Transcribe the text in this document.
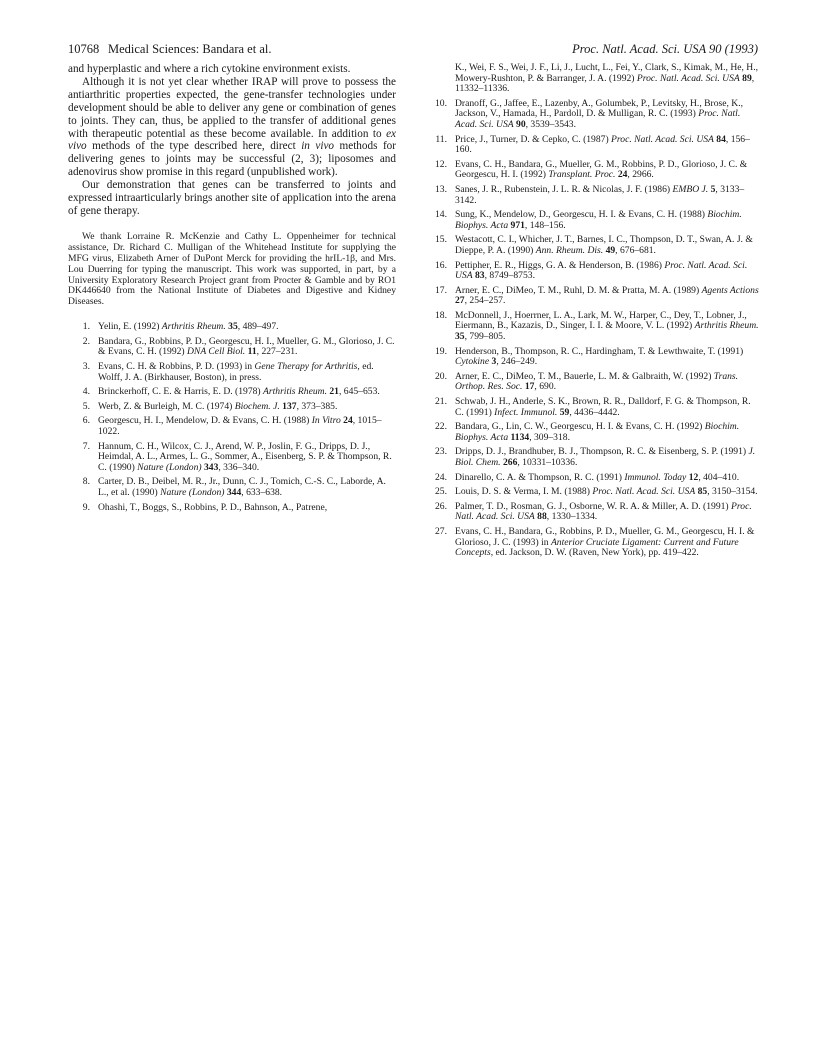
10768 Medical Sciences: Bandara et al.	Proc. Natl. Acad. Sci. USA 90 (1993)

and hyperplastic and where a rich cytokine environment exists.

Although it is not yet clear whether IRAP will prove to possess the antiarthritic properties expected, the gene-transfer technologies under development should be able to deliver any gene or combination of genes to joints. They can, thus, be applied to the transfer of additional genes with therapeutic potential as these become available. In addition to ex vivo methods of the type described here, direct in vivo methods for delivering genes to joints may be successful (2, 3); liposomes and adenovirus show promise in this regard (unpublished work).

Our demonstration that genes can be transferred to joints and expressed intraarticularly brings another site of application into the arena of gene therapy.

We thank Lorraine R. McKenzie and Cathy L. Oppenheimer for technical assistance, Dr. Richard C. Mulligan of the Whitehead Institute for supplying the MFG virus, Elizabeth Arner of DuPont Merck for providing the hrIL-1β, and Mrs. Lou Duerring for typing the manuscript. This work was supported, in part, by a University Exploratory Research Project grant from Procter & Gamble and by RO1 DK446640 from the National Institute of Diabetes and Digestive and Kidney Diseases.
1. Yelin, E. (1992) Arthritis Rheum. 35, 489–497.
2. Bandara, G., Robbins, P. D., Georgescu, H. I., Mueller, G. M., Glorioso, J. C. & Evans, C. H. (1992) DNA Cell Biol. 11, 227–231.
3. Evans, C. H. & Robbins, P. D. (1993) in Gene Therapy for Arthritis, ed. Wolff, J. A. (Birkhauser, Boston), in press.
4. Brinckerhoff, C. E. & Harris, E. D. (1978) Arthritis Rheum. 21, 645–653.
5. Werb, Z. & Burleigh, M. C. (1974) Biochem. J. 137, 373–385.
6. Georgescu, H. I., Mendelow, D. & Evans, C. H. (1988) In Vitro 24, 1015–1022.
7. Hannum, C. H., Wilcox, C. J., Arend, W. P., Joslin, F. G., Dripps, D. J., Heimdal, A. L., Armes, L. G., Sommer, A., Eisenberg, S. P. & Thompson, R. C. (1990) Nature (London) 343, 336–340.
8. Carter, D. B., Deibel, M. R., Jr., Dunn, C. J., Tomich, C.-S. C., Laborde, A. L., et al. (1990) Nature (London) 344, 633–638.
9. Ohashi, T., Boggs, S., Robbins, P. D., Bahnson, A., Patrene,
K., Wei, F. S., Wei, J. F., Li, J., Lucht, L., Fei, Y., Clark, S., Kimak, M., He, H., Mowery-Rushton, P. & Barranger, J. A. (1992) Proc. Natl. Acad. Sci. USA 89, 11332–11336.
10. Dranoff, G., Jaffee, E., Lazenby, A., Golumbek, P., Levitsky, H., Brose, K., Jackson, V., Hamada, H., Pardoll, D. & Mulligan, R. C. (1993) Proc. Natl. Acad. Sci. USA 90, 3539–3543.
11. Price, J., Turner, D. & Cepko, C. (1987) Proc. Natl. Acad. Sci. USA 84, 156–160.
12. Evans, C. H., Bandara, G., Mueller, G. M., Robbins, P. D., Glorioso, J. C. & Georgescu, H. I. (1992) Transplant. Proc. 24, 2966.
13. Sanes, J. R., Rubenstein, J. L. R. & Nicolas, J. F. (1986) EMBO J. 5, 3133–3142.
14. Sung, K., Mendelow, D., Georgescu, H. I. & Evans, C. H. (1988) Biochim. Biophys. Acta 971, 148–156.
15. Westacott, C. I., Whicher, J. T., Barnes, I. C., Thompson, D. T., Swan, A. J. & Dieppe, P. A. (1990) Ann. Rheum. Dis. 49, 676–681.
16. Pettipher, E. R., Higgs, G. A. & Henderson, B. (1986) Proc. Natl. Acad. Sci. USA 83, 8749–8753.
17. Arner, E. C., DiMeo, T. M., Ruhl, D. M. & Pratta, M. A. (1989) Agents Actions 27, 254–257.
18. McDonnell, J., Hoerrner, L. A., Lark, M. W., Harper, C., Dey, T., Lobner, J., Eiermann, B., Kazazis, D., Singer, I. I. & Moore, V. L. (1992) Arthritis Rheum. 35, 799–805.
19. Henderson, B., Thompson, R. C., Hardingham, T. & Lewthwaite, T. (1991) Cytokine 3, 246–249.
20. Arner, E. C., DiMeo, T. M., Bauerle, L. M. & Galbraith, W. (1992) Trans. Orthop. Res. Soc. 17, 690.
21. Schwab, J. H., Anderle, S. K., Brown, R. R., Dalldorf, F. G. & Thompson, R. C. (1991) Infect. Immunol. 59, 4436–4442.
22. Bandara, G., Lin, C. W., Georgescu, H. I. & Evans, C. H. (1992) Biochim. Biophys. Acta 1134, 309–318.
23. Dripps, D. J., Brandhuber, B. J., Thompson, R. C. & Eisenberg, S. P. (1991) J. Biol. Chem. 266, 10331–10336.
24. Dinarello, C. A. & Thompson, R. C. (1991) Immunol. Today 12, 404–410.
25. Louis, D. S. & Verma, I. M. (1988) Proc. Natl. Acad. Sci. USA 85, 3150–3154.
26. Palmer, T. D., Rosman, G. J., Osborne, W. R. A. & Miller, A. D. (1991) Proc. Natl. Acad. Sci. USA 88, 1330–1334.
27. Evans, C. H., Bandara, G., Robbins, P. D., Mueller, G. M., Georgescu, H. I. & Glorioso, J. C. (1993) in Anterior Cruciate Ligament: Current and Future Concepts, ed. Jackson, D. W. (Raven, New York), pp. 419–422.
